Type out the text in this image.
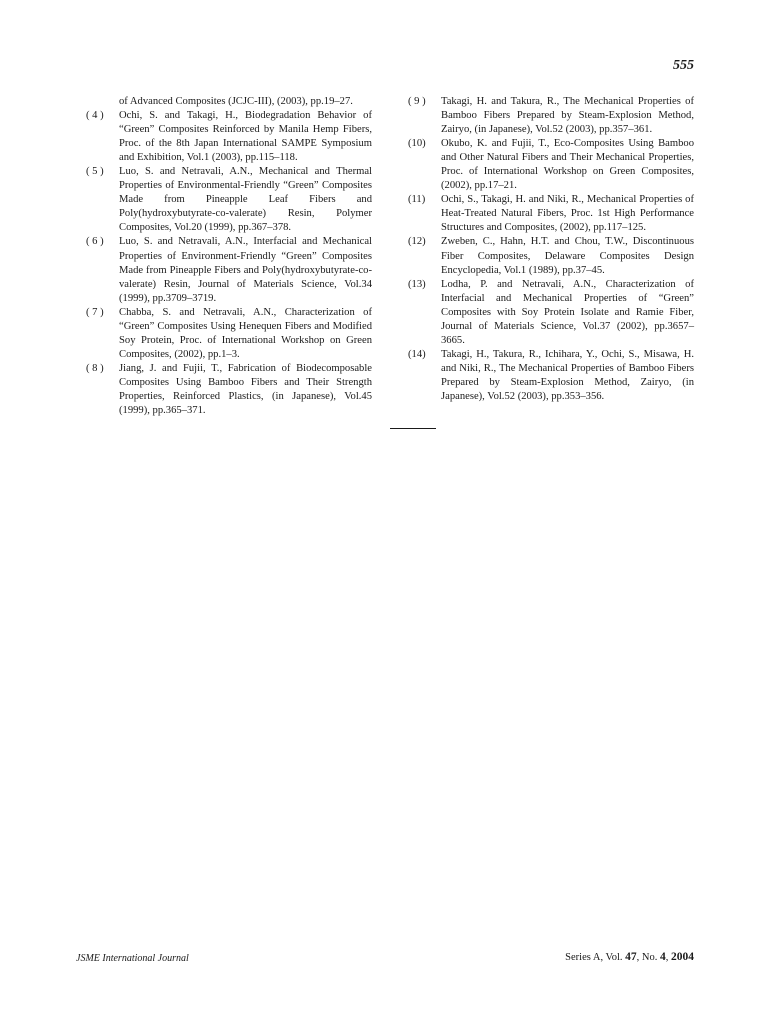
555
of Advanced Composites (JCJC-III), (2003), pp.19–27.
( 4 )	Ochi, S. and Takagi, H., Biodegradation Behavior of “Green” Composites Reinforced by Manila Hemp Fibers, Proc. of the 8th Japan International SAMPE Symposium and Exhibition, Vol.1 (2003), pp.115–118.
( 5 )	Luo, S. and Netravali, A.N., Mechanical and Thermal Properties of Environmental-Friendly “Green” Composites Made from Pineapple Leaf Fibers and Poly(hydroxybutyrate-co-valerate) Resin, Polymer Composites, Vol.20 (1999), pp.367–378.
( 6 )	Luo, S. and Netravali, A.N., Interfacial and Mechanical Properties of Environment-Friendly “Green” Composites Made from Pineapple Fibers and Poly(hydroxybutyrate-co-valerate) Resin, Journal of Materials Science, Vol.34 (1999), pp.3709–3719.
( 7 )	Chabba, S. and Netravali, A.N., Characterization of “Green” Composites Using Henequen Fibers and Modified Soy Protein, Proc. of International Workshop on Green Composites, (2002), pp.1–3.
( 8 )	Jiang, J. and Fujii, T., Fabrication of Biodecomposable Composites Using Bamboo Fibers and Their Strength Properties, Reinforced Plastics, (in Japanese), Vol.45 (1999), pp.365–371.
( 9 )	Takagi, H. and Takura, R., The Mechanical Properties of Bamboo Fibers Prepared by Steam-Explosion Method, Zairyo, (in Japanese), Vol.52 (2003), pp.357–361.
(10)	Okubo, K. and Fujii, T., Eco-Composites Using Bamboo and Other Natural Fibers and Their Mechanical Properties, Proc. of International Workshop on Green Composites, (2002), pp.17–21.
(11)	Ochi, S., Takagi, H. and Niki, R., Mechanical Properties of Heat-Treated Natural Fibers, Proc. 1st High Performance Structures and Composites, (2002), pp.117–125.
(12)	Zweben, C., Hahn, H.T. and Chou, T.W., Discontinuous Fiber Composites, Delaware Composites Design Encyclopedia, Vol.1 (1989), pp.37–45.
(13)	Lodha, P. and Netravali, A.N., Characterization of Interfacial and Mechanical Properties of “Green” Composites with Soy Protein Isolate and Ramie Fiber, Journal of Materials Science, Vol.37 (2002), pp.3657–3665.
(14)	Takagi, H., Takura, R., Ichihara, Y., Ochi, S., Misawa, H. and Niki, R., The Mechanical Properties of Bamboo Fibers Prepared by Steam-Explosion Method, Zairyo, (in Japanese), Vol.52 (2003), pp.353–356.
JSME International Journal	Series A, Vol. 47, No. 4, 2004
